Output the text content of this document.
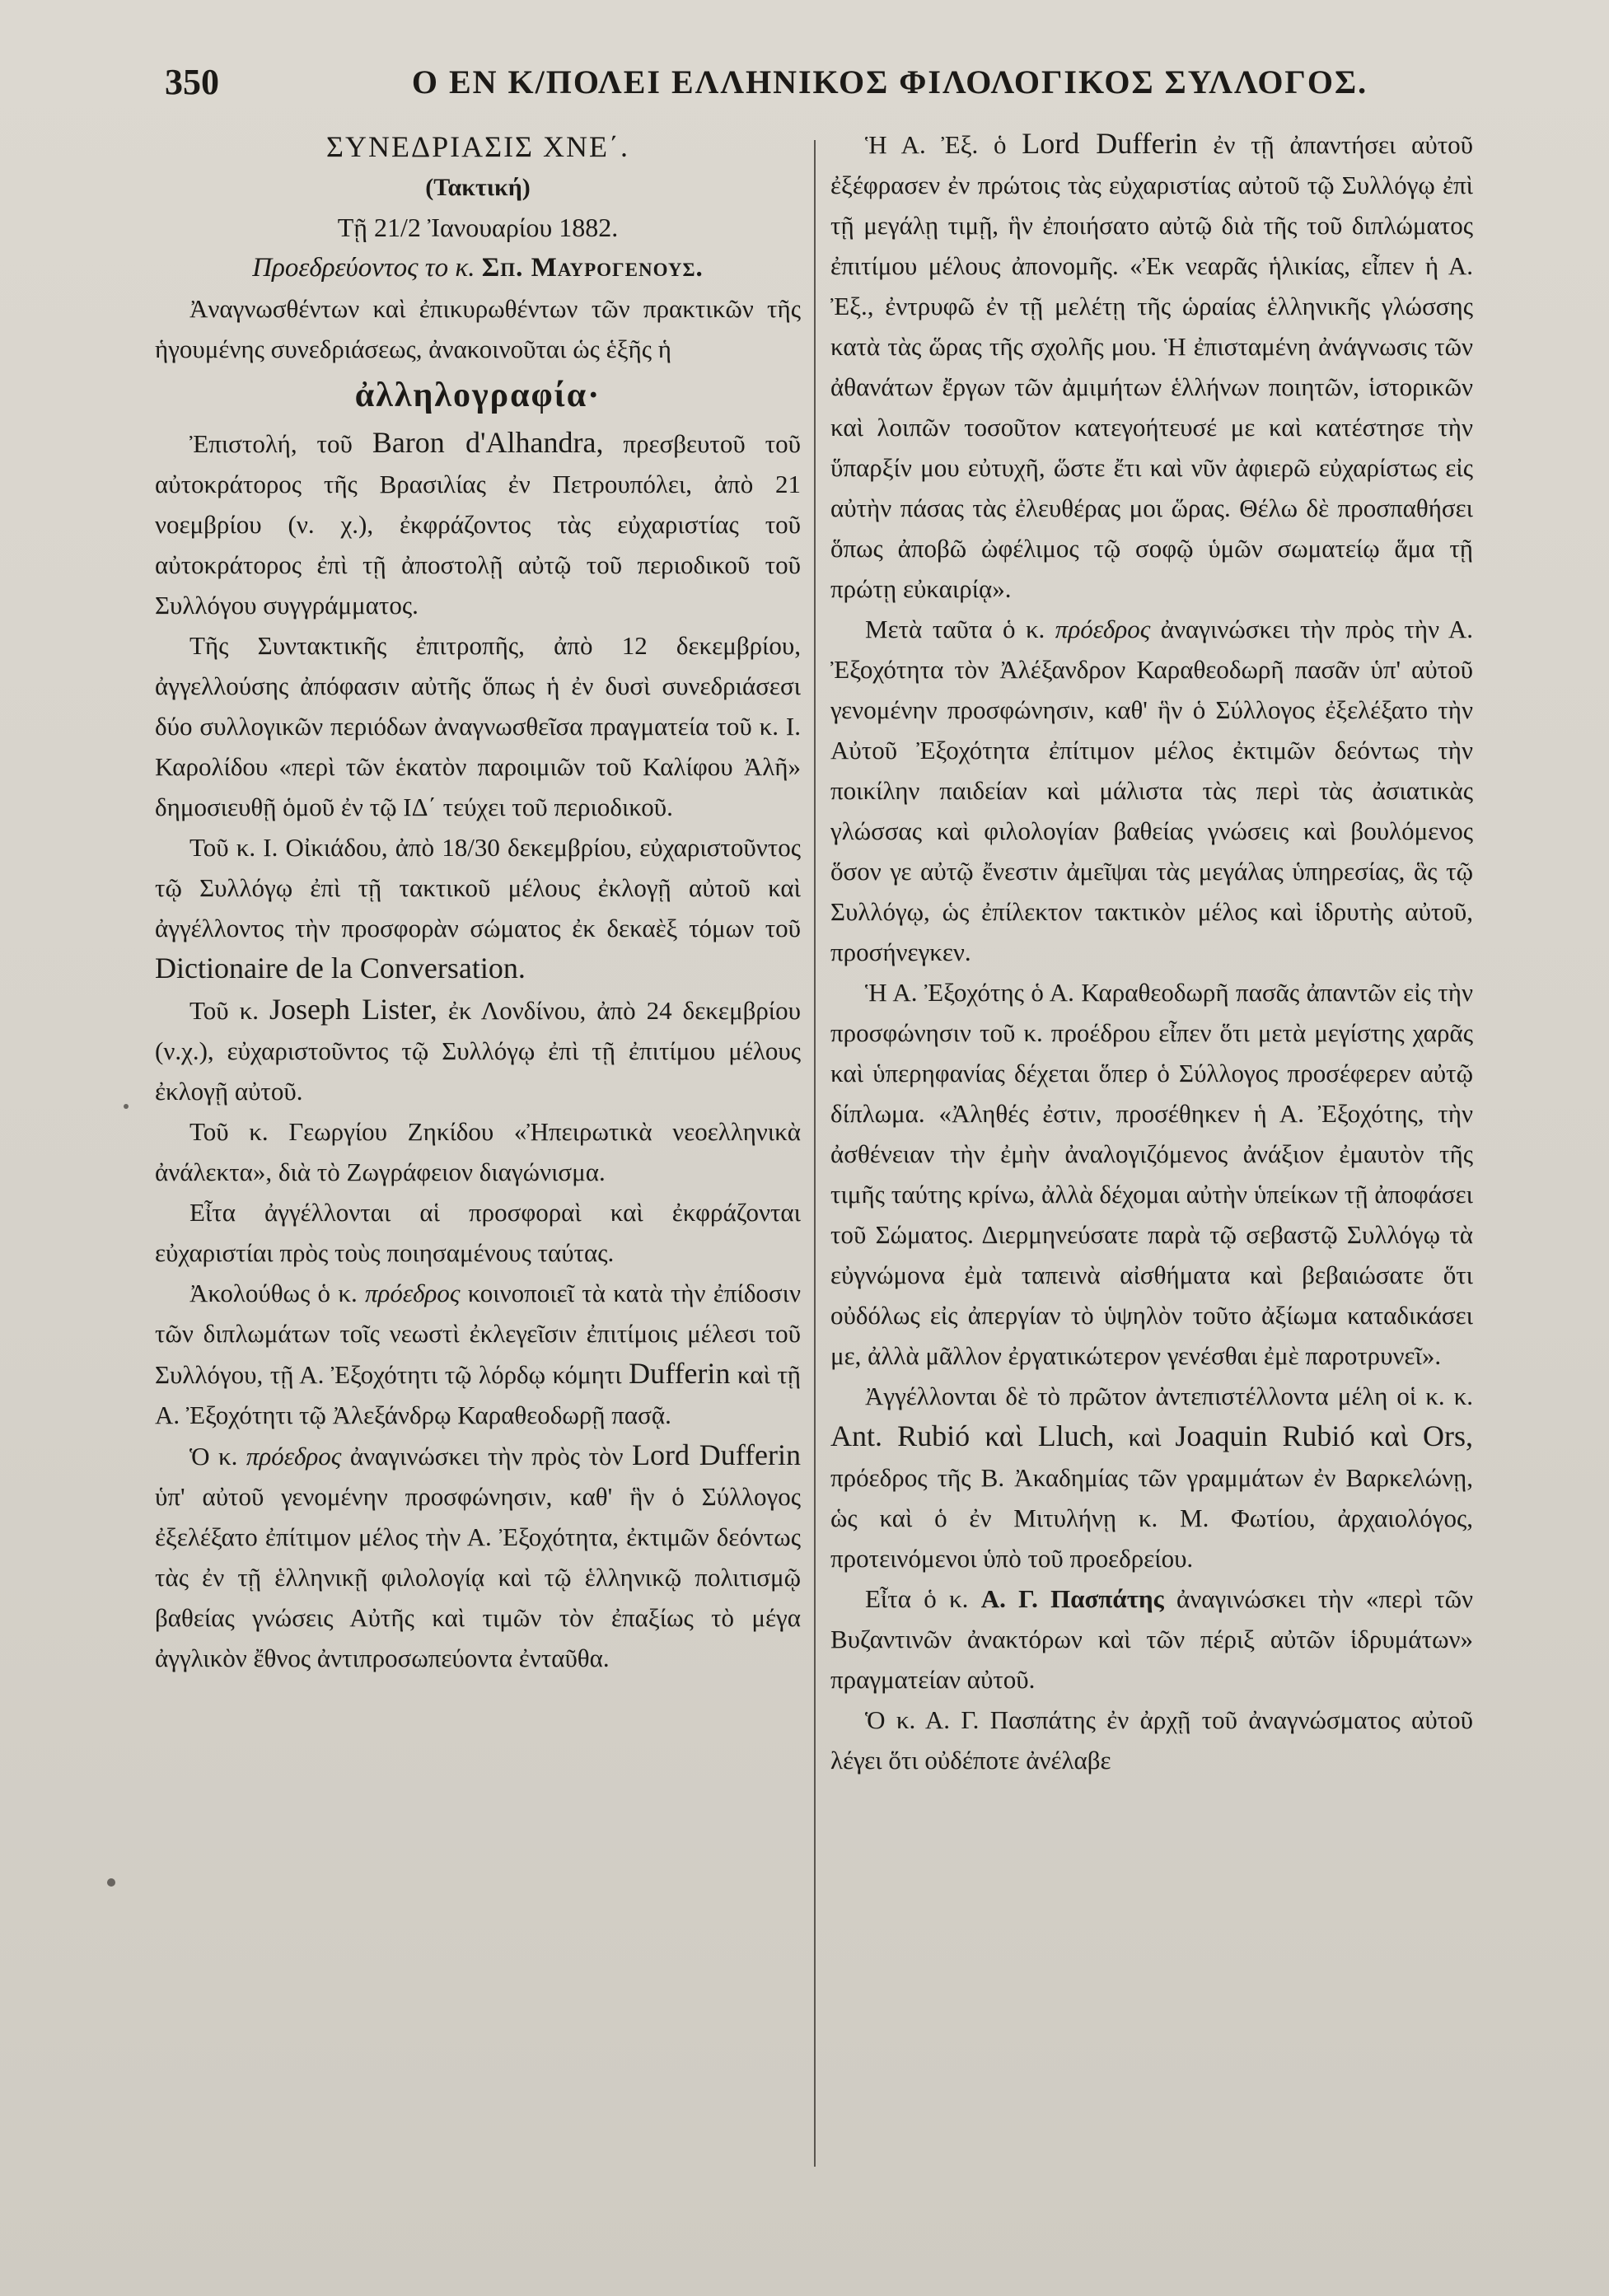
350	Ο ΕΝ Κ/ΠΟΛΕΙ ΕΛΛΗΝΙΚΟΣ ΦΙΛΟΛΟΓΙΚΟΣ ΣΥΛΛΟΓΟΣ.

ΣΥΝΕΔΡΙΑΣΙΣ ΧΝΕ΄.

(Τακτική)

Τῇ 21/2 Ἰανουαρίου 1882.

Προεδρεύοντος το κ. Σπ. Μαυρογενους.

Ἀναγνωσθέντων καὶ ἐπικυρωθέντων τῶν πρακτικῶν τῆς ἡγουμένης συνεδριάσεως, ἀνακοινοῦται ὡς ἑξῆς ἡ

ἀλληλογραφία·

Ἐπιστολή, τοῦ Baron d'Alhandra, πρεσβευτοῦ τοῦ αὐτοκράτορος τῆς Βρασιλίας ἐν Πετρουπόλει, ἀπὸ 21 νοεμβρίου (ν. χ.), ἐκφράζοντος τὰς εὐχαριστίας τοῦ αὐτοκράτορος ἐπὶ τῇ ἀποστολῇ αὐτῷ τοῦ περιοδικοῦ τοῦ Συλλόγου συγγράμματος.

Τῆς Συντακτικῆς ἐπιτροπῆς, ἀπὸ 12 δεκεμβρίου, ἀγγελλούσης ἀπόφασιν αὐτῆς ὅπως ἡ ἐν δυσὶ συνεδριάσεσι δύο συλλογικῶν περιόδων ἀναγνωσθεῖσα πραγματεία τοῦ κ. Ι. Καρολίδου «περὶ τῶν ἑκατὸν παροιμιῶν τοῦ Καλίφου Ἀλῆ» δημοσιευθῇ ὁμοῦ ἐν τῷ ΙΔ΄ τεύχει τοῦ περιοδικοῦ.

Τοῦ κ. Ι. Οἰκιάδου, ἀπὸ 18/30 δεκεμβρίου, εὐχαριστοῦντος τῷ Συλλόγῳ ἐπὶ τῇ τακτικοῦ μέλους ἐκλογῇ αὐτοῦ καὶ ἀγγέλλοντος τὴν προσφορὰν σώματος ἐκ δεκαὲξ τόμων τοῦ Dictionaire de la Conversation.

Τοῦ κ. Joseph Lister, ἐκ Λονδίνου, ἀπὸ 24 δεκεμβρίου (ν.χ.), εὐχαριστοῦντος τῷ Συλλόγῳ ἐπὶ τῇ ἐπιτίμου μέλους ἐκλογῇ αὐτοῦ.

Τοῦ κ. Γεωργίου Ζηκίδου «Ἠπειρωτικὰ νεοελληνικὰ ἀνάλεκτα», διὰ τὸ Ζωγράφειον διαγώνισμα.

Εἶτα ἀγγέλλονται αἱ προσφοραὶ καὶ ἐκφράζονται εὐχαριστίαι πρὸς τοὺς ποιησαμένους ταύτας.

Ἀκολούθως ὁ κ. πρόεδρος κοινοποιεῖ τὰ κατὰ τὴν ἐπίδοσιν τῶν διπλωμάτων τοῖς νεωστὶ ἐκλεγεῖσιν ἐπιτίμοις μέλεσι τοῦ Συλλόγου, τῇ Α. Ἐξοχότητι τῷ λόρδῳ κόμητι Dufferin καὶ τῇ Α. Ἐξοχότητι τῷ Ἀλεξάνδρῳ Καραθεοδωρῇ πασᾷ.

Ὁ κ. πρόεδρος ἀναγινώσκει τὴν πρὸς τὸν Lord Dufferin ὑπ' αὐτοῦ γενομένην προσφώνησιν, καθ' ἣν ὁ Σύλλογος ἐξελέξατο ἐπίτιμον μέλος τὴν Α. Ἐξοχότητα, ἐκτιμῶν δεόντως τὰς ἐν τῇ ἑλληνικῇ φιλολογίᾳ καὶ τῷ ἑλληνικῷ πολιτισμῷ βαθείας γνώσεις Αὐτῆς καὶ τιμῶν τὸν ἐπαξίως τὸ μέγα ἀγγλικὸν ἔθνος ἀντιπροσωπεύοντα ἐνταῦθα.

Ἡ Α. Ἐξ. ὁ Lord Dufferin ἐν τῇ ἀπαντήσει αὐτοῦ ἐξέφρασεν ἐν πρώτοις τὰς εὐχαριστίας αὐτοῦ τῷ Συλλόγῳ ἐπὶ τῇ μεγάλῃ τιμῇ, ἣν ἐποιήσατο αὐτῷ διὰ τῆς τοῦ διπλώματος ἐπιτίμου μέλους ἀπονομῆς. «Ἐκ νεαρᾶς ἡλικίας, εἶπεν ἡ Α. Ἐξ., ἐντρυφῶ ἐν τῇ μελέτῃ τῆς ὡραίας ἑλληνικῆς γλώσσης κατὰ τὰς ὥρας τῆς σχολῆς μου. Ἡ ἐπισταμένη ἀνάγνωσις τῶν ἀθανάτων ἔργων τῶν ἀμιμήτων ἑλλήνων ποιητῶν, ἱστορικῶν καὶ λοιπῶν τοσοῦτον κατεγοήτευσέ με καὶ κατέστησε τὴν ὕπαρξίν μου εὐτυχῆ, ὥστε ἔτι καὶ νῦν ἀφιερῶ εὐχαρίστως εἰς αὐτὴν πάσας τὰς ἐλευθέρας μοι ὥρας. Θέλω δὲ προσπαθήσει ὅπως ἀποβῶ ὠφέλιμος τῷ σοφῷ ὑμῶν σωματείῳ ἅμα τῇ πρώτῃ εὐκαιρίᾳ».

Μετὰ ταῦτα ὁ κ. πρόεδρος ἀναγινώσκει τὴν πρὸς τὴν Α. Ἐξοχότητα τὸν Ἀλέξανδρον Καραθεοδωρῆ πασᾶν ὑπ' αὐτοῦ γενομένην προσφώνησιν, καθ' ἣν ὁ Σύλλογος ἐξελέξατο τὴν Αὐτοῦ Ἐξοχότητα ἐπίτιμον μέλος ἐκτιμῶν δεόντως τὴν ποικίλην παιδείαν καὶ μάλιστα τὰς περὶ τὰς ἀσιατικὰς γλώσσας καὶ φιλολογίαν βαθείας γνώσεις καὶ βουλόμενος ὅσον γε αὐτῷ ἔνεστιν ἀμεῖψαι τὰς μεγάλας ὑπηρεσίας, ἃς τῷ Συλλόγῳ, ὡς ἐπίλεκτον τακτικὸν μέλος καὶ ἱδρυτὴς αὐτοῦ, προσήνεγκεν.

Ἡ Α. Ἐξοχότης ὁ Α. Καραθεοδωρῆ πασᾶς ἀπαντῶν εἰς τὴν προσφώνησιν τοῦ κ. προέδρου εἶπεν ὅτι μετὰ μεγίστης χαρᾶς καὶ ὑπερηφανίας δέχεται ὅπερ ὁ Σύλλογος προσέφερεν αὐτῷ δίπλωμα. «Ἀληθές ἐστιν, προσέθηκεν ἡ Α. Ἐξοχότης, τὴν ἀσθένειαν τὴν ἐμὴν ἀναλογιζόμενος ἀνάξιον ἐμαυτὸν τῆς τιμῆς ταύτης κρίνω, ἀλλὰ δέχομαι αὐτὴν ὑπείκων τῇ ἀποφάσει τοῦ Σώματος. Διερμηνεύσατε παρὰ τῷ σεβαστῷ Συλλόγῳ τὰ εὐγνώμονα ἐμὰ ταπεινὰ αἰσθήματα καὶ βεβαιώσατε ὅτι οὐδόλως εἰς ἀπεργίαν τὸ ὑψηλὸν τοῦτο ἀξίωμα καταδικάσει με, ἀλλὰ μᾶλλον ἐργατικώτερον γενέσθαι ἐμὲ παροτρυνεῖ».

Ἀγγέλλονται δὲ τὸ πρῶτον ἀντεπιστέλλοντα μέλη οἱ κ. κ. Ant. Rubió καὶ Lluch, καὶ Joaquin Rubió καὶ Ors, πρόεδρος τῆς Β. Ἀκαδημίας τῶν γραμμάτων ἐν Βαρκελώνῃ, ὡς καὶ ὁ ἐν Μιτυλήνῃ κ. Μ. Φωτίου, ἀρχαιολόγος, προτεινόμενοι ὑπὸ τοῦ προεδρείου.

Εἶτα ὁ κ. Α. Γ. Πασπάτης ἀναγινώσκει τὴν «περὶ τῶν Βυζαντινῶν ἀνακτόρων καὶ τῶν πέριξ αὐτῶν ἱδρυμάτων» πραγματείαν αὐτοῦ.

Ὁ κ. Α. Γ. Πασπάτης ἐν ἀρχῇ τοῦ ἀναγνώσματος αὐτοῦ λέγει ὅτι οὐδέποτε ἀνέλαβε
